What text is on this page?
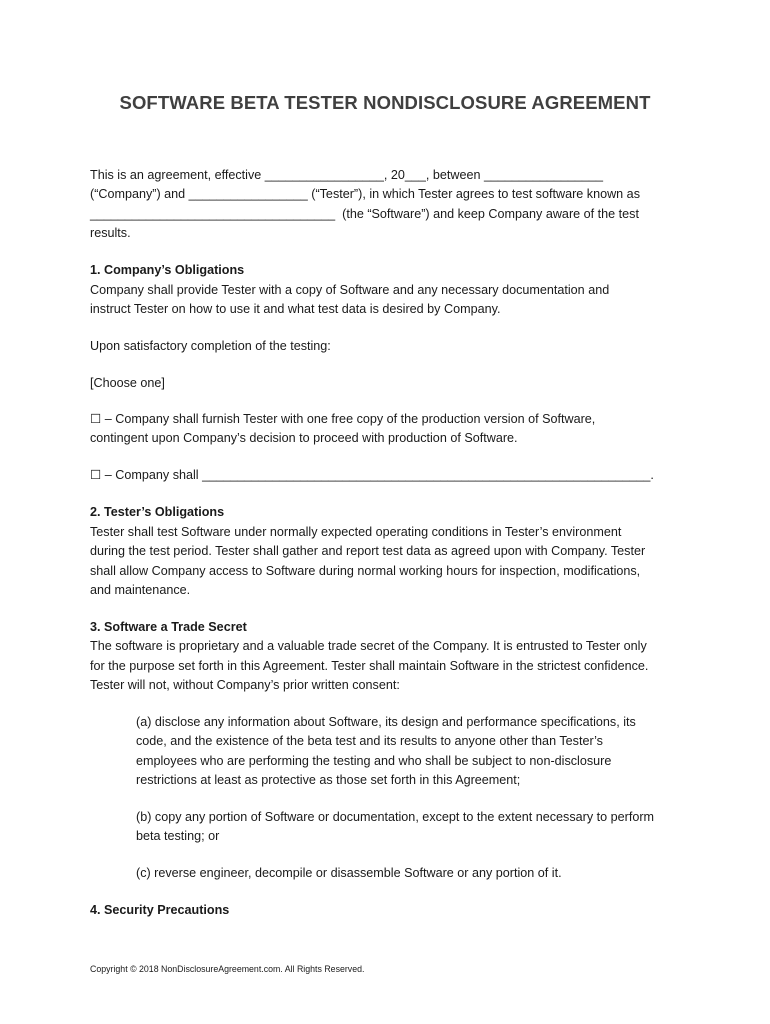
SOFTWARE BETA TESTER NONDISCLOSURE AGREEMENT
This is an agreement, effective _________________, 20___, between _________________
(“Company”) and _________________ (“Tester”), in which Tester agrees to test software known as
___________________________________  (the “Software”) and keep Company aware of the test
results.
1. Company’s Obligations
Company shall provide Tester with a copy of Software and any necessary documentation and
instruct Tester on how to use it and what test data is desired by Company.
Upon satisfactory completion of the testing:
[Choose one]
☐ – Company shall furnish Tester with one free copy of the production version of Software,
contingent upon Company’s decision to proceed with production of Software.
☐ – Company shall ________________________________________________________________.
2. Tester’s Obligations
Tester shall test Software under normally expected operating conditions in Tester’s environment
during the test period. Tester shall gather and report test data as agreed upon with Company. Tester
shall allow Company access to Software during normal working hours for inspection, modifications,
and maintenance.
3. Software a Trade Secret
The software is proprietary and a valuable trade secret of the Company. It is entrusted to Tester only
for the purpose set forth in this Agreement. Tester shall maintain Software in the strictest confidence.
Tester will not, without Company’s prior written consent:
(a) disclose any information about Software, its design and performance specifications, its
code, and the existence of the beta test and its results to anyone other than Tester’s
employees who are performing the testing and who shall be subject to non-disclosure
restrictions at least as protective as those set forth in this Agreement;
(b) copy any portion of Software or documentation, except to the extent necessary to perform
beta testing; or
(c) reverse engineer, decompile or disassemble Software or any portion of it.
4. Security Precautions
Copyright © 2018 NonDisclosureAgreement.com. All Rights Reserved.
